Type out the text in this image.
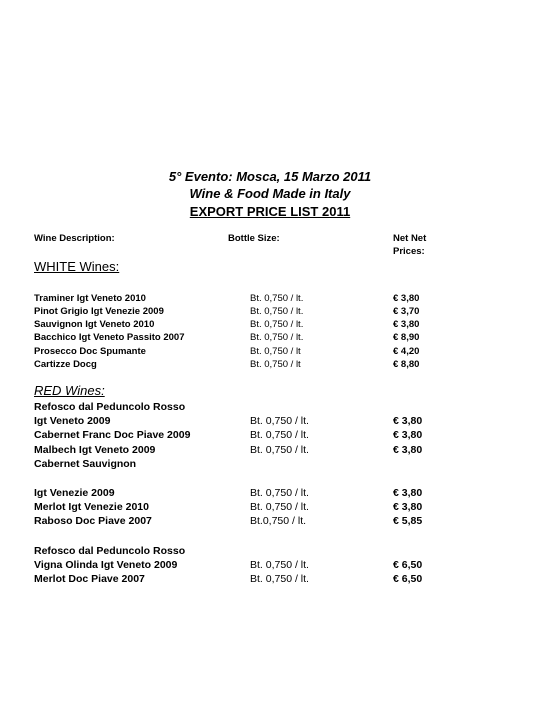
5° Evento: Mosca, 15 Marzo 2011
Wine & Food Made in Italy
EXPORT PRICE LIST 2011
Wine Description:	Bottle Size:	Net Net
Prices:
WHITE Wines:
Traminer Igt Veneto 2010	Bt. 0,750 / lt.	€ 3,80
Pinot Grigio Igt Venezie 2009	Bt. 0,750 / lt.	€ 3,70
Sauvignon Igt Veneto 2010	Bt. 0,750 / lt.	€ 3,80
Bacchico Igt Veneto Passito 2007	Bt. 0,750 / lt.	€ 8,90
Prosecco Doc Spumante	Bt. 0,750 / lt	€ 4,20
Cartizze Docg	Bt. 0,750 / lt	€ 8,80
RED Wines:
Refosco dal Peduncolo Rosso
Igt Veneto 2009	Bt. 0,750 / lt.	€ 3,80
Cabernet Franc Doc Piave 2009	Bt. 0,750 / lt.	€ 3,80
Malbech Igt Veneto 2009	Bt. 0,750 / lt.	€ 3,80
Cabernet Sauvignon
Igt Venezie 2009	Bt. 0,750 / lt.	€ 3,80
Merlot Igt Venezie 2010	Bt. 0,750 / lt.	€ 3,80
Raboso Doc Piave 2007	Bt.0,750 / lt.	€ 5,85
Refosco dal Peduncolo Rosso
Vigna Olinda Igt Veneto 2009	Bt. 0,750 / lt.	€ 6,50
Merlot Doc Piave 2007	Bt. 0,750 / lt.	€ 6,50
